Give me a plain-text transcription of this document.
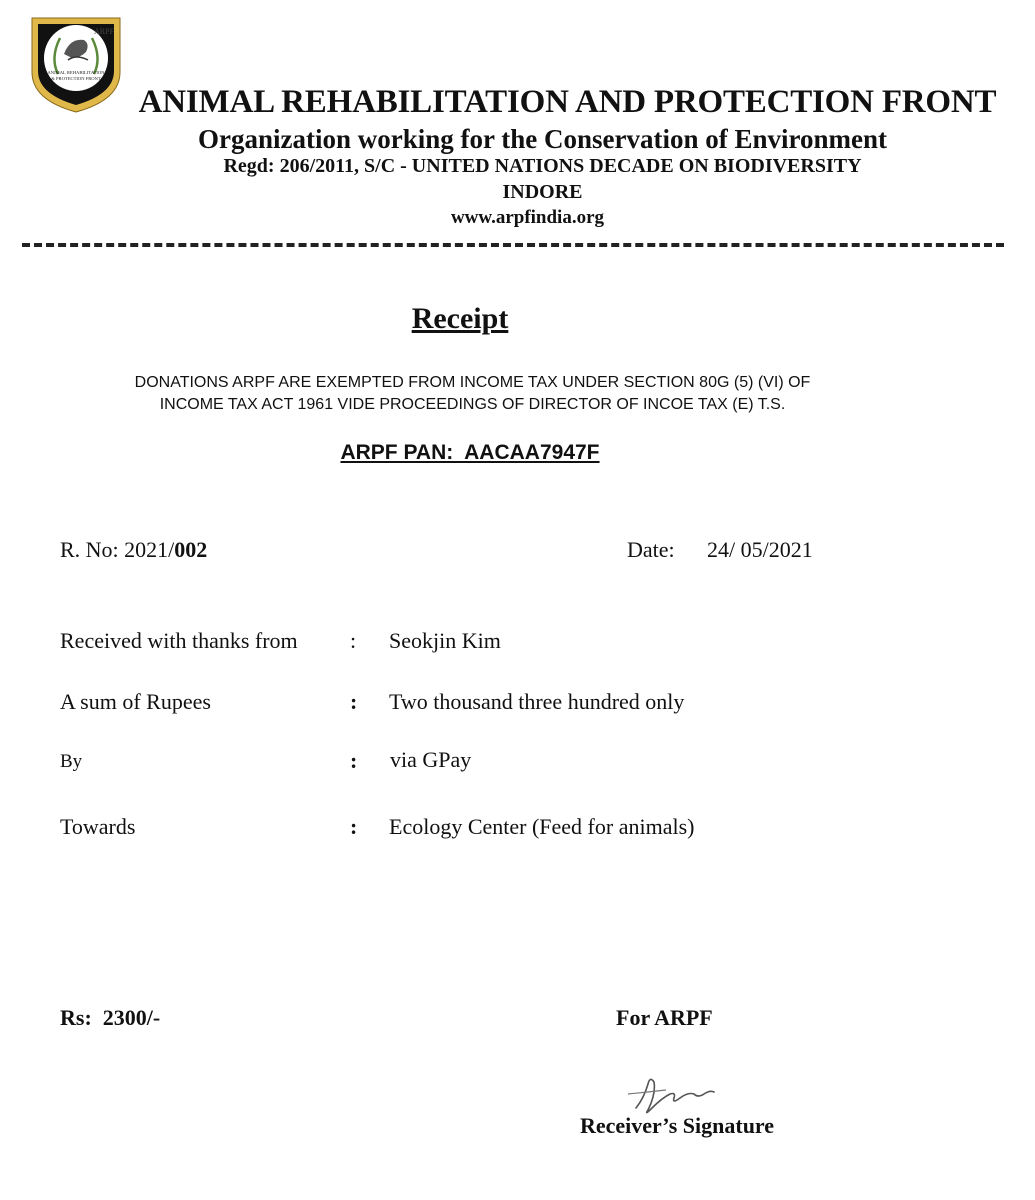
ARPF
ANIMAL REHABILITATION
& PROTECTION FRONT
ANIMAL REHABILITATION AND PROTECTION FRONT
Organization working for the Conservation of Environment
Regd: 206/2011, S/C - UNITED NATIONS DECADE ON BIODIVERSITY
INDORE
www.arpfindia.org
Receipt
DONATIONS ARPF ARE EXEMPTED FROM INCOME TAX UNDER SECTION 80G (5) (VI) OF
INCOME TAX ACT 1961 VIDE PROCEEDINGS OF DIRECTOR OF INCOE TAX (E) T.S.
ARPF PAN:  AACAA7947F
R. No: 2021/002	Date: 24/ 05/2021
Received with thanks from : Seokjin Kim
A sum of Rupees	: Two thousand three hundred only
By	: via GPay
Towards	: Ecology Center (Feed for animals)
Rs:  2300/-	For ARPF
Receiver’s Signature
